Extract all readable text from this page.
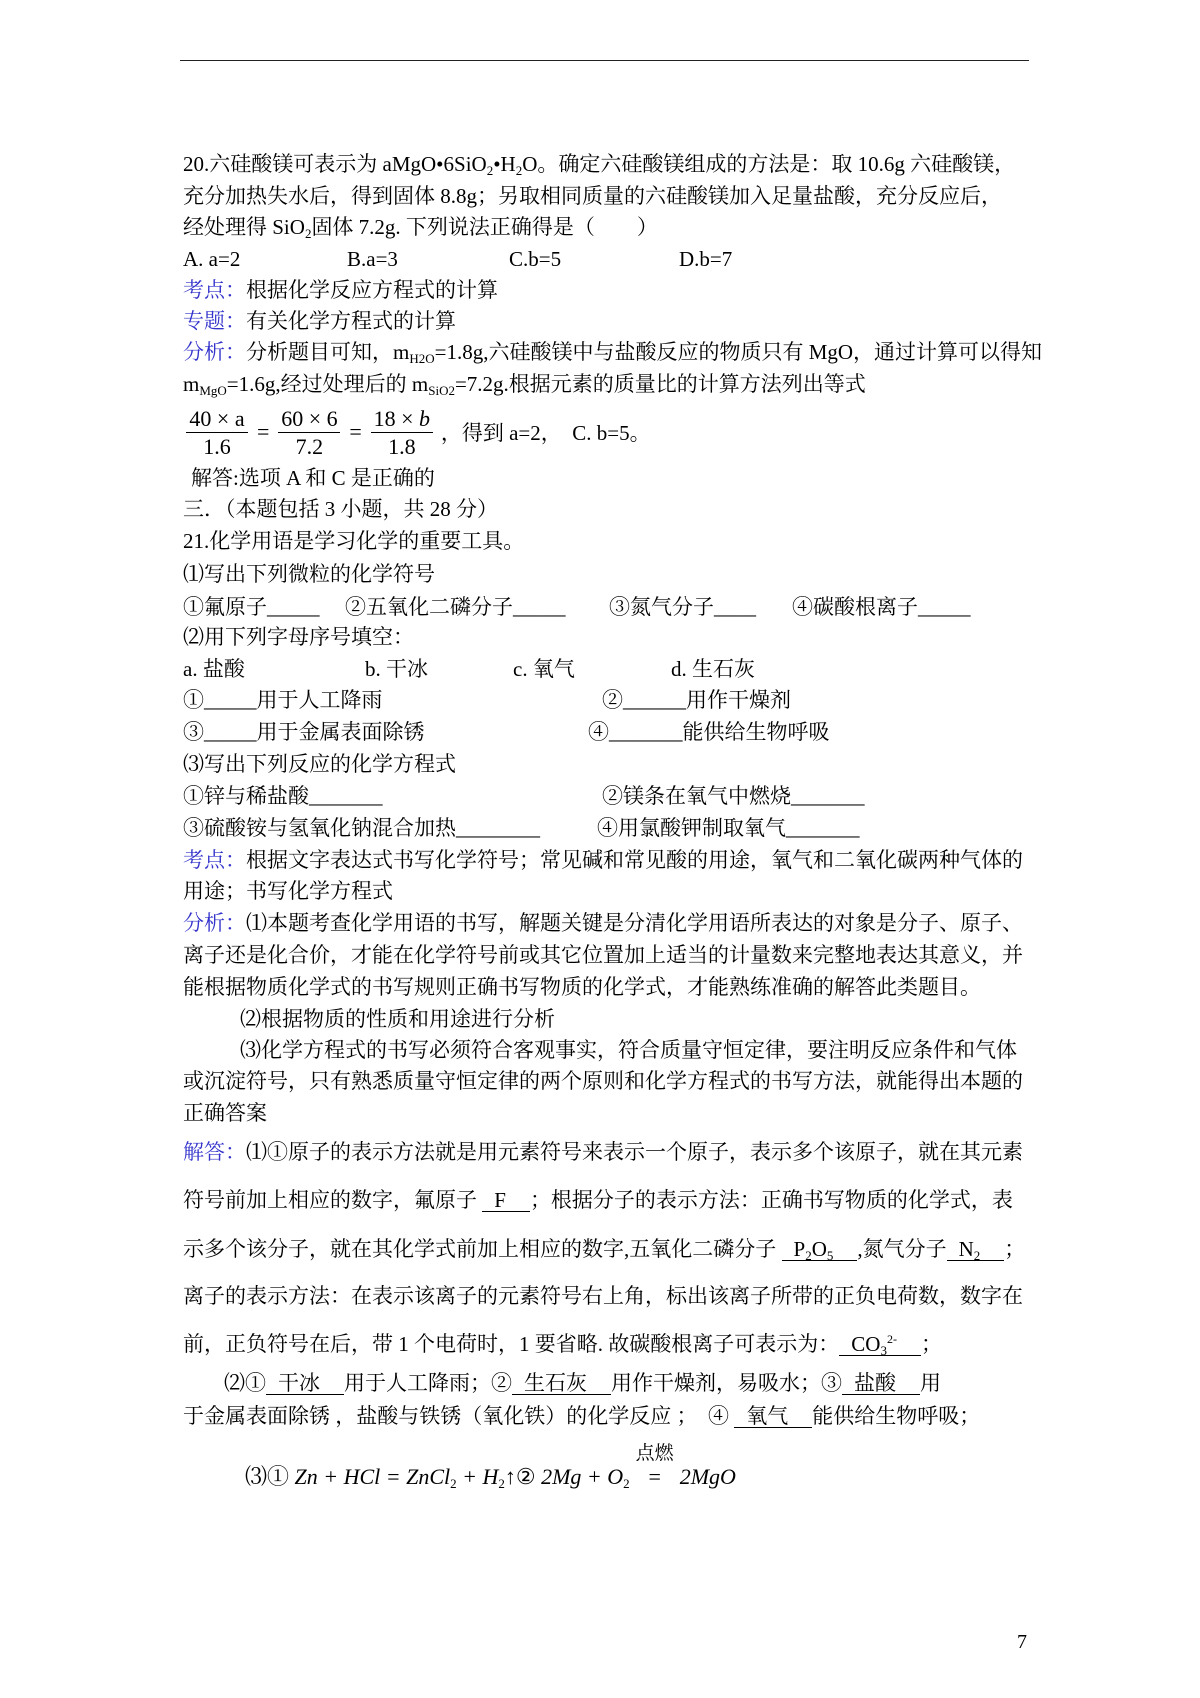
20.六硅酸镁可表示为 $aMgO•6SiO_2•H_2O$。确定六硅酸镁组成的方法是：取 10.6g 六硅酸镁，
充分加热失水后，得到固体 8.8g；另取相同质量的六硅酸镁加入足量盐酸，充分反应后，
经处理得 SiO$_2$固体 7.2g. 下列说法正确得是（　　）
A. a=2	B.a=3	C.b=5	D.b=7
考点：根据化学反应方程式的计算
专题：有关化学方程式的计算
分析：分析题目可知，$m_{H2O}=1.8g$,六硅酸镁中与盐酸反应的物质只有 MgO，通过计算可以得知
$m_{MgO}=1.6g$,经过处理后的 $m_{SiO2}=7.2g$.根据元素的质量比的计算方法列出等式
$\frac{40 \times a}{1.6} = \frac{60 \times 6}{7.2} = \frac{18 \times b}{1.8}$ ，得到 a=2，  C. b=5。
解答:选项 A 和 C 是正确的
三．（本题包括 3 小题，共 28 分）
21.化学用语是学习化学的重要工具。
⑴写出下列微粒的化学符号
①氟原子_____ ②五氧化二磷分子_____ ③氮气分子____ ④碳酸根离子_____
⑵用下列字母序号填空：
a. 盐酸	b. 干冰	c. 氧气	d. 生石灰
①_____用于人工降雨	②______用作干燥剂
③_____用于金属表面除锈	④_______能供给生物呼吸
⑶写出下列反应的化学方程式
①锌与稀盐酸_______	②镁条在氧气中燃烧_______
③硫酸铵与氢氧化钠混合加热________	④用氯酸钾制取氧气_______
考点：根据文字表达式书写化学符号；常见碱和常见酸的用途，氧气和二氧化碳两种气体的
用途；书写化学方程式
分析：⑴本题考查化学用语的书写，解题关键是分清化学用语所表达的对象是分子、原子、
离子还是化合价，才能在化学符号前或其它位置加上适当的计量数来完整地表达其意义，并
能根据物质化学式的书写规则正确书写物质的化学式，才能熟练准确的解答此类题目。
⑵根据物质的性质和用途进行分析
⑶化学方程式的书写必须符合客观事实，符合质量守恒定律，要注明反应条件和气体
或沉淀符号，只有熟悉质量守恒定律的两个原则和化学方程式的书写方法，就能得出本题的
正确答案
解答：⑴①原子的表示方法就是用元素符号来表示一个原子，表示多个该原子，就在其元素
符号前加上相应的数字，氟原子 F ；根据分子的表示方法：正确书写物质的化学式，表
示多个该分子，就在其化学式前加上相应的数字,五氧化二磷分子 $P_2O_5$ ,氮气分子 $N_2$ ；
离子的表示方法：在表示该离子的元素符号右上角，标出该离子所带的正负电荷数，数字在
前，正负符号在后，带 1 个电荷时，1 要省略. 故碳酸根离子可表示为： $CO_3^{2-}$ ；
⑵① 干冰 用于人工降雨；② 生石灰 用作干燥剂，易吸水；③ 盐酸 用
于金属表面除锈 ，盐酸与铁锈（氧化铁）的化学反应 ；  ④ 氧气 能供给生物呼吸；
⑶① Zn + HCl = ZnCl$_2$ + $H_2↑②$ $2Mg + O_2$
点燃
= 2MgO
7
